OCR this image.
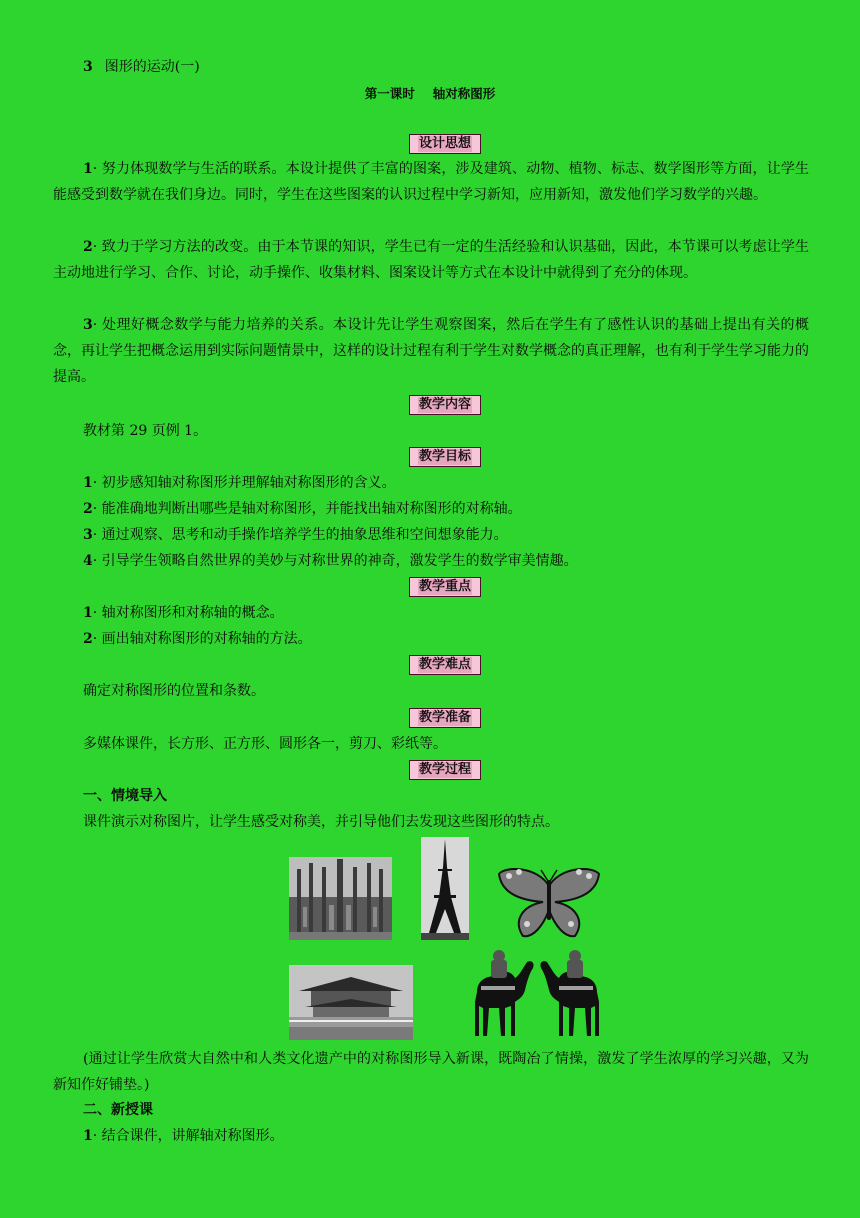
3 图形的运动(一)
第一课时 轴对称图形
设计思想
1· 努力体现数学与生活的联系。本设计提供了丰富的图案，涉及建筑、动物、植物、标志、数学图形等方面，让学生能感受到数学就在我们身边。同时，学生在这些图案的认识过程中学习新知，应用新知，激发他们学习数学的兴趣。
2· 致力于学习方法的改变。由于本节课的知识，学生已有一定的生活经验和认识基础，因此，本节课可以考虑让学生主动地进行学习、合作、讨论，动手操作、收集材料、图案设计等方式在本设计中就得到了充分的体现。
3· 处理好概念数学与能力培养的关系。本设计先让学生观察图案，然后在学生有了感性认识的基础上提出有关的概念，再让学生把概念运用到实际问题情景中，这样的设计过程有利于学生对数学概念的真正理解，也有利于学生学习能力的提高。
教学内容
教材第 29 页例 1。
教学目标
1· 初步感知轴对称图形并理解轴对称图形的含义。
2· 能准确地判断出哪些是轴对称图形，并能找出轴对称图形的对称轴。
3· 通过观察、思考和动手操作培养学生的抽象思维和空间想象能力。
4· 引导学生领略自然世界的美妙与对称世界的神奇，激发学生的数学审美情趣。
教学重点
1· 轴对称图形和对称轴的概念。
2· 画出轴对称图形的对称轴的方法。
教学难点
确定对称图形的位置和条数。
教学准备
多媒体课件，长方形、正方形、圆形各一，剪刀、彩纸等。
教学过程
一、情境导入
课件演示对称图片，让学生感受对称美，并引导他们去发现这些图形的特点。
(通过让学生欣赏大自然中和人类文化遗产中的对称图形导入新课，既陶冶了情操，激发了学生浓厚的学习兴趣，又为新知作好铺垫。)
二、新授课
1· 结合课件，讲解轴对称图形。
